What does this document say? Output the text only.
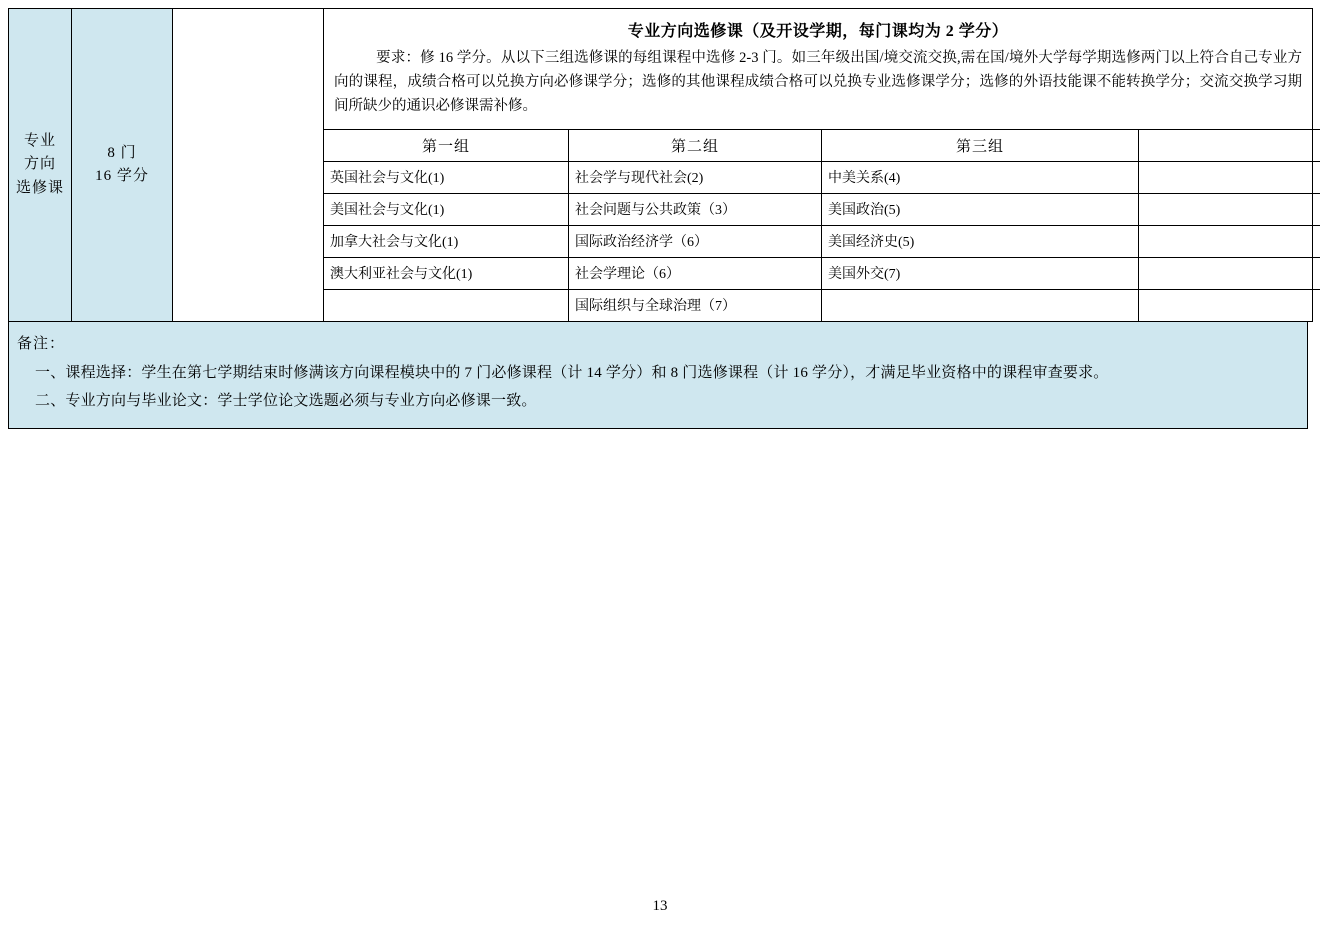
专业
方向
选修课

8 门
16 学分

专业方向选修课（及开设学期，每门课均为 2 学分）
要求：修 16 学分。从以下三组选修课的每组课程中选修 2-3 门。如三年级出国/境交流交换,需在国/境外大学每学期选修两门以上符合自己专业方向的课程，成绩合格可以兑换方向必修课学分；选修的其他课程成绩合格可以兑换专业选修课学分；选修的外语技能课不能转换学分；交流交换学习期间所缺少的通识必修课需补修。
第一组	第二组	第三组	
英国社会与文化(1)	社会学与现代社会(2)	中美关系(4)	
美国社会与文化(1)	社会问题与公共政策（3）	美国政治(5)	
加拿大社会与文化(1)	国际政治经济学（6）	美国经济史(5)	
澳大利亚社会与文化(1)	社会学理论（6）	美国外交(7)	
	国际组织与全球治理（7）		
备注：
一、课程选择：学生在第七学期结束时修满该方向课程模块中的 7 门必修课程（计 14 学分）和 8 门选修课程（计 16 学分），才满足毕业资格中的课程审查要求。
二、专业方向与毕业论文：学士学位论文选题必须与专业方向必修课一致。
13
